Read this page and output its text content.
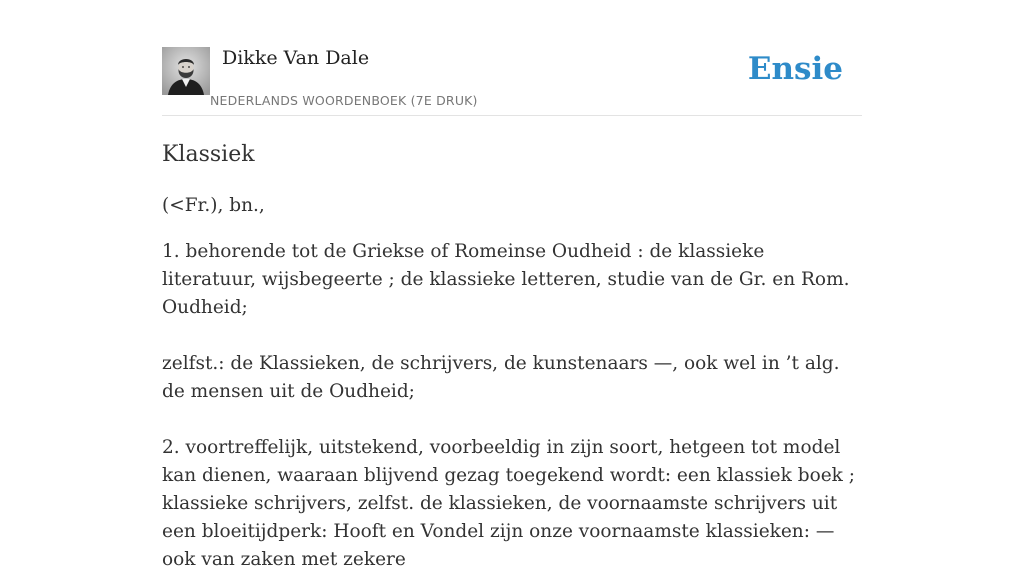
Dikke Van Dale
NEDERLANDS WOORDENBOEK (7E DRUK)
Ensie
Klassiek
(<Fr.), bn.,

1. behorende tot de Griekse of Romeinse Oudheid : de klassieke literatuur, wijsbegeerte ; de klassieke letteren, studie van de Gr. en Rom. Oudheid;

zelfst.: de Klassieken, de schrijvers, de kunstenaars —, ook wel in ’t alg. de mensen uit de Oudheid;

2. voortreffelijk, uitstekend, voorbeeldig in zijn soort, hetgeen tot model kan dienen, waaraan blijvend gezag toegekend wordt: een klassiek boek ; klassieke schrijvers, zelfst. de klassieken, de voornaamste schrijvers uit een bloeitijdperk: Hooft en Vondel zijn onze voornaamste klassieken: — ook van zaken met zekere
